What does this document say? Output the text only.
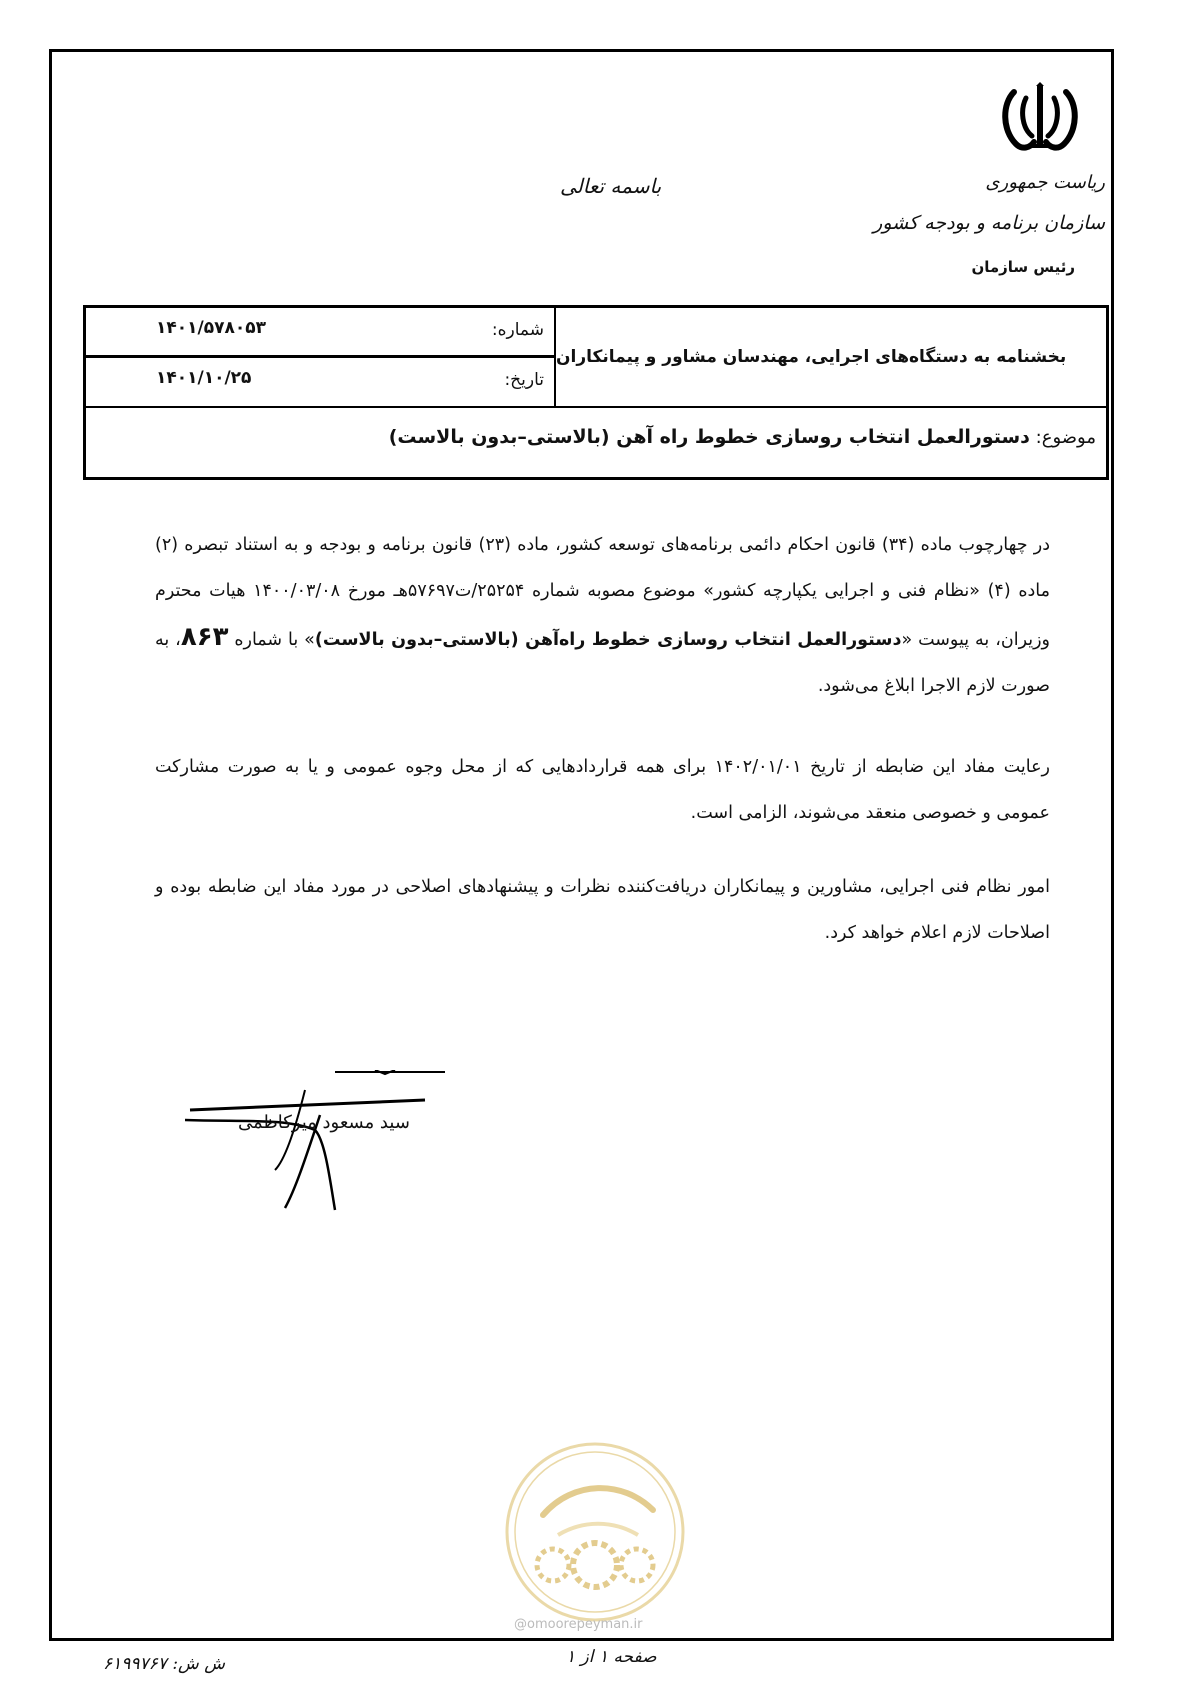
ریاست جمهوری
سازمان برنامه و بودجه کشور
رئیس سازمان
باسمه تعالی
شماره:
۱۴۰۱/۵۷۸۰۵۳
تاریخ:
۱۴۰۱/۱۰/۲۵
بخشنامه به دستگاه‌های اجرایی، مهندسان مشاور و پیمانکاران
موضوع: دستورالعمل انتخاب روسازی خطوط راه آهن (بالاستی–بدون بالاست)
در چهارچوب ماده (۳۴) قانون احکام دائمی برنامه‌های توسعه کشور، ماده (۲۳) قانون برنامه و بودجه و به استناد تبصره (۲) ماده (۴) «نظام فنی و اجرایی یکپارچه کشور» موضوع مصوبه شماره ۲۵۲۵۴/ت۵۷۶۹۷هـ مورخ ۱۴۰۰/۰۳/۰۸ هیات محترم وزیران، به پیوست «دستورالعمل انتخاب روسازی خطوط راه‌آهن (بالاستی–بدون بالاست)» با شماره ۸۶۳، به صورت لازم الاجرا ابلاغ می‌شود.
رعایت مفاد این ضابطه از تاریخ ۱۴۰۲/۰۱/۰۱ برای همه قراردادهایی که از محل وجوه عمومی و یا به صورت مشارکت عمومی و خصوصی منعقد می‌شوند، الزامی است.
امور نظام فنی اجرایی، مشاورین و پیمانکاران دریافت‌کننده نظرات و پیشنهادهای اصلاحی در مورد مفاد این ضابطه بوده و اصلاحات لازم اعلام خواهد کرد.
سید مسعود میرکاظمی
@omoorepeyman.ir
صفحه ۱ از ۱
ش ش: ۶۱۹۹۷۶۷
